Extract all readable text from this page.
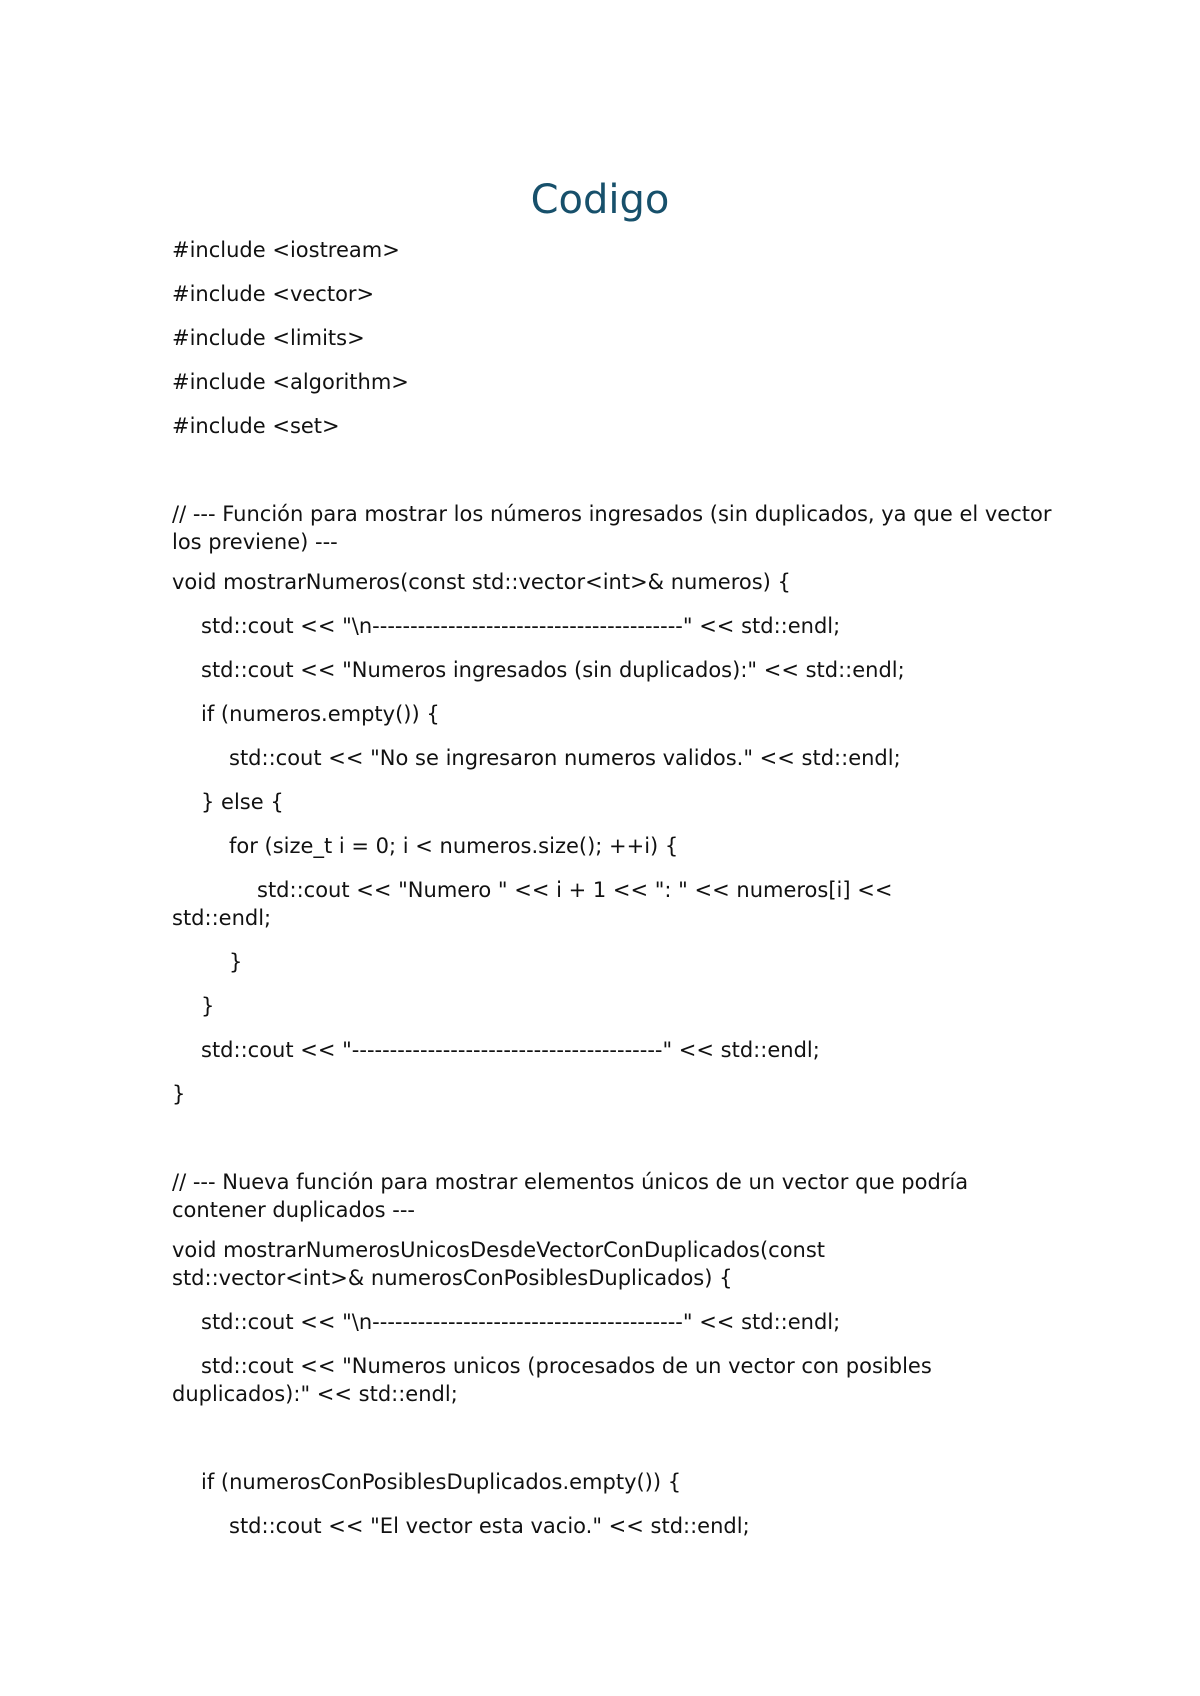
Codigo

#include <iostream>

#include <vector>

#include <limits>

#include <algorithm>

#include <set>

// --- Función para mostrar los números ingresados (sin duplicados, ya que el vector los previene) ---

void mostrarNumeros(const std::vector<int>& numeros) {

std::cout << "\n-----------------------------------------" << std::endl;

std::cout << "Numeros ingresados (sin duplicados):" << std::endl;

if (numeros.empty()) {

std::cout << "No se ingresaron numeros validos." << std::endl;

} else {

for (size_t i = 0; i < numeros.size(); ++i) {

std::cout << "Numero " << i + 1 << ": " << numeros[i] <<

std::endl;

}

}

std::cout << "-----------------------------------------" << std::endl;

}

// --- Nueva función para mostrar elementos únicos de un vector que podría contener duplicados ---

void mostrarNumerosUnicosDesdeVectorConDuplicados(const

std::vector<int>& numerosConPosiblesDuplicados) {

std::cout << "\n-----------------------------------------" << std::endl;

std::cout << "Numeros unicos (procesados de un vector con posibles

duplicados):" << std::endl;

if (numerosConPosiblesDuplicados.empty()) {

std::cout << "El vector esta vacio." << std::endl;
